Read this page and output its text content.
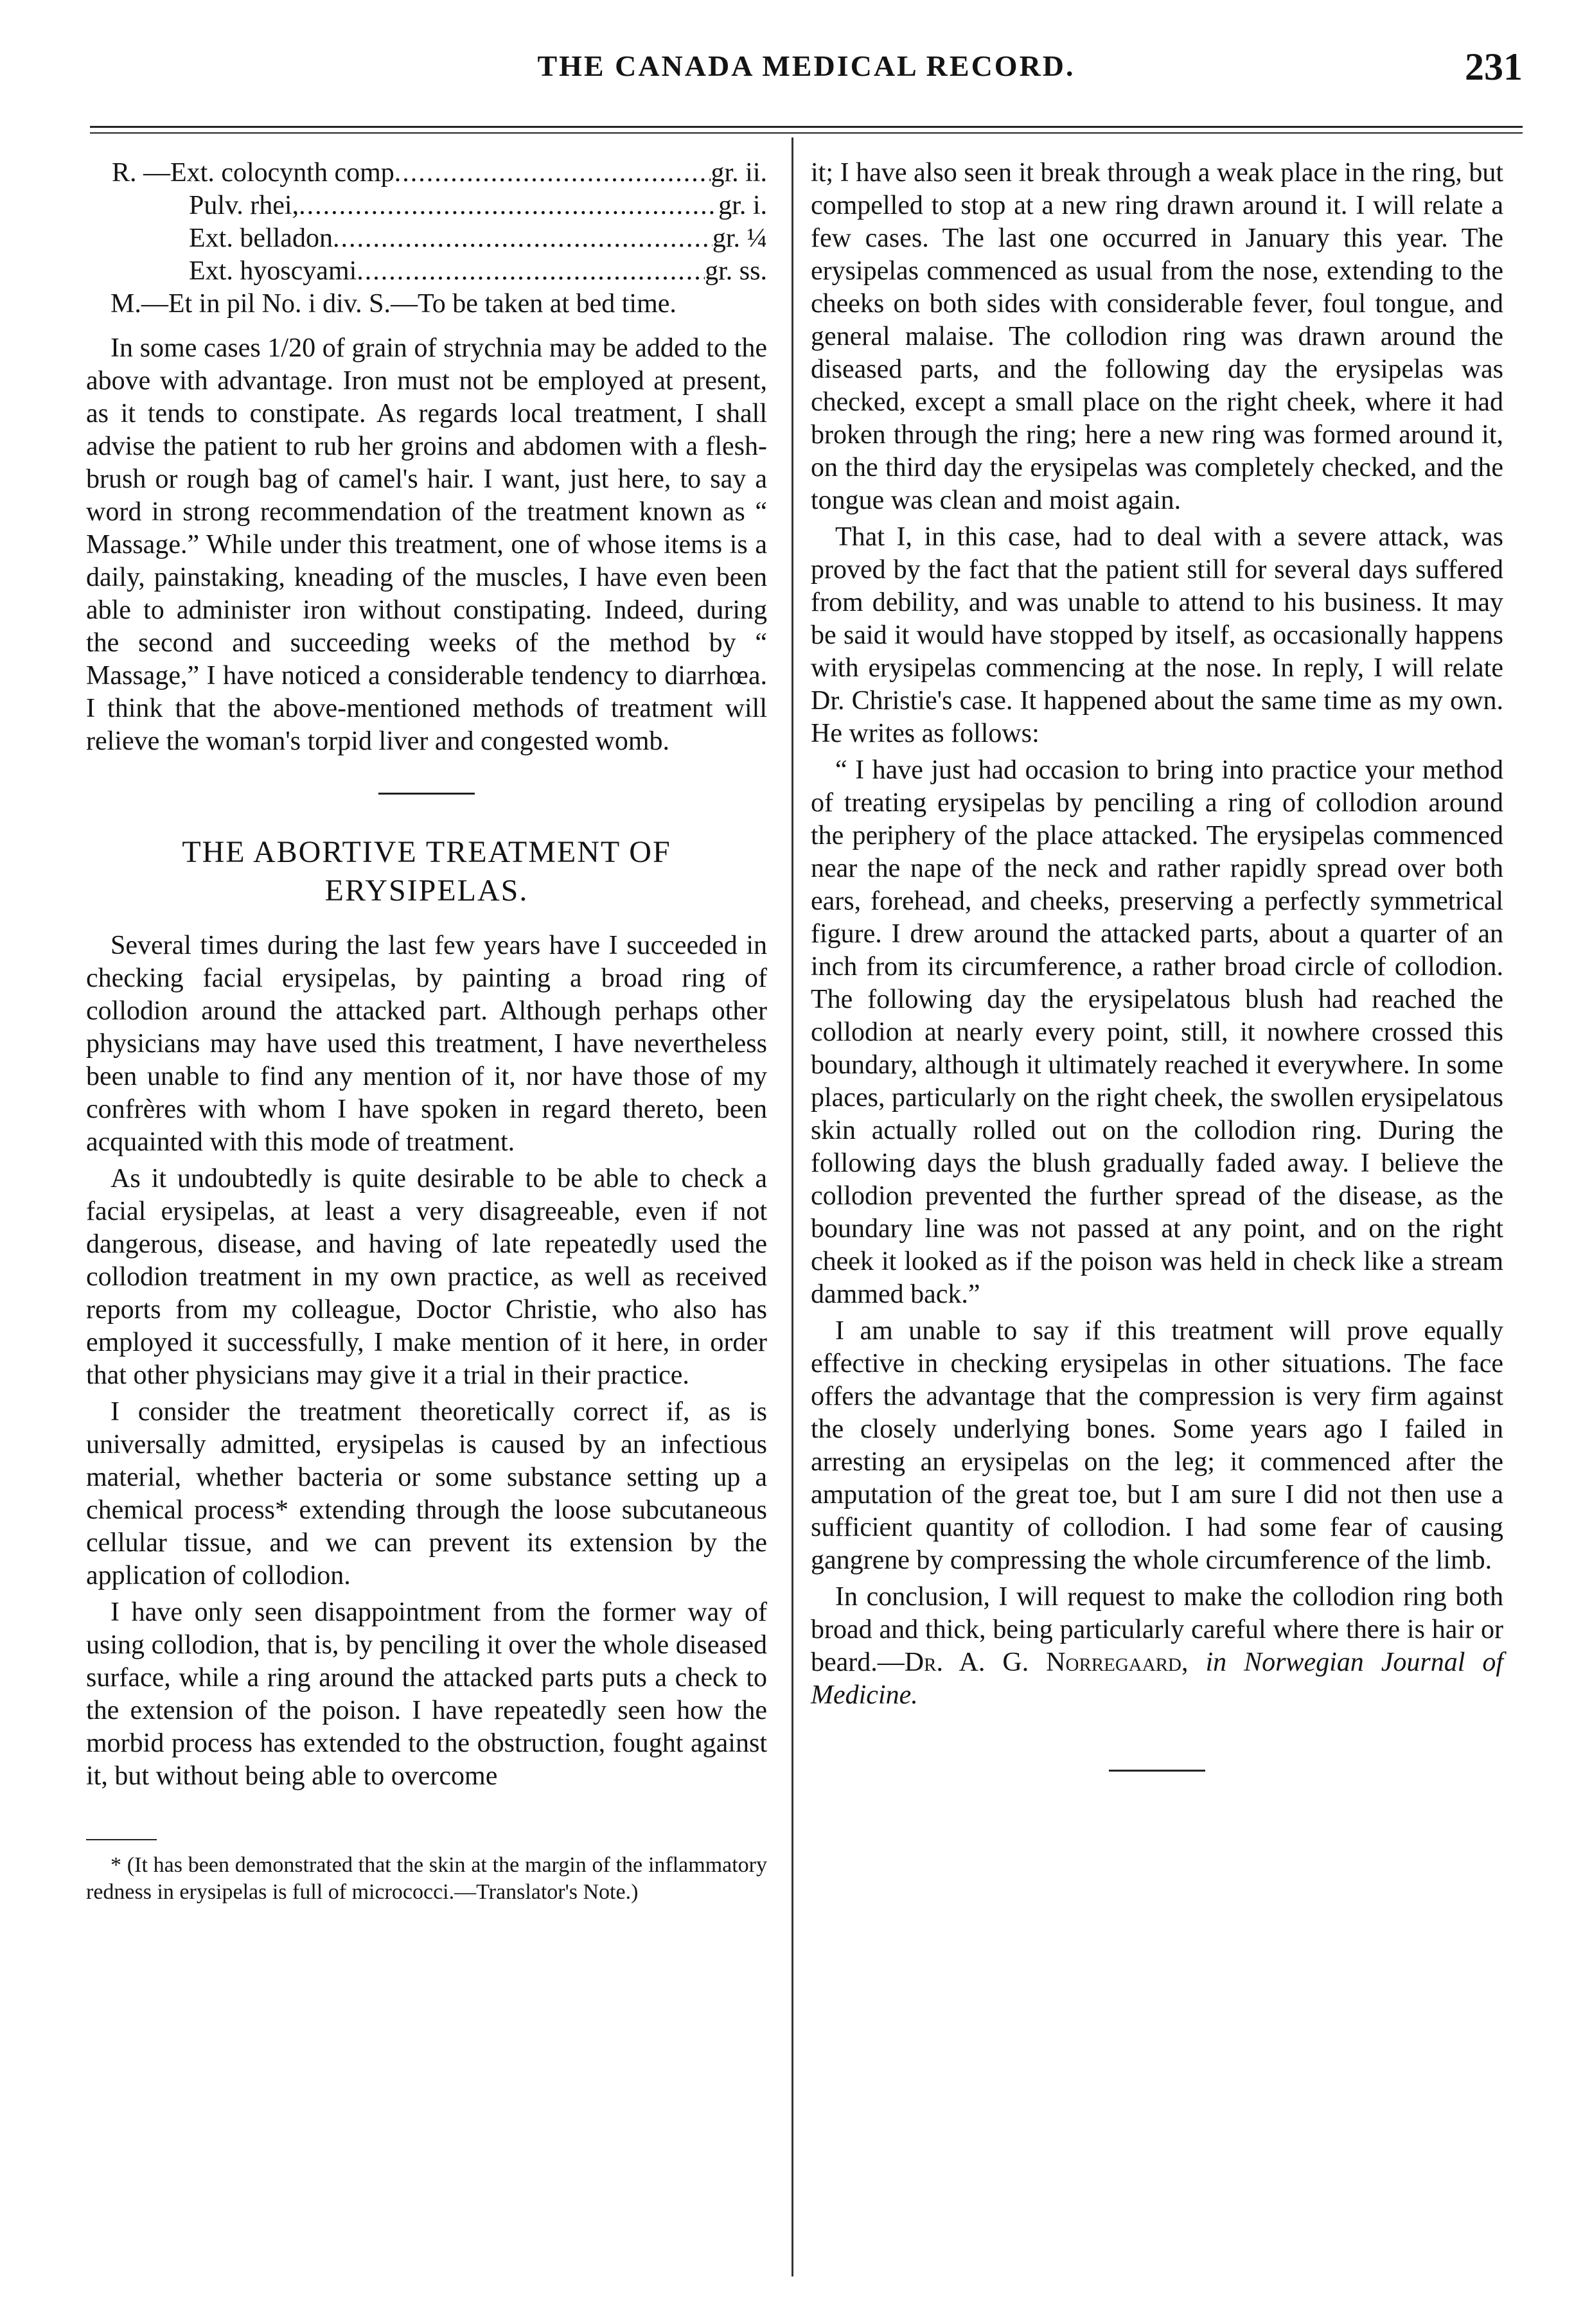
THE CANADA MEDICAL RECORD.	231
R. —Ext. colocynth comp .....	gr. ii.
Pulv. rhei, .....	gr. i.
Ext. belladon .....	gr. ¼
Ext. hyoscyami .....	gr. ss.

M.—Et in pil No. i div. S.—To be taken at bed time.

In some cases 1/20 of grain of strychnia may be added to the above with advantage. Iron must not be employed at present, as it tends to constipate. As regards local treatment, I shall advise the patient to rub her groins and abdomen with a flesh-brush or rough bag of camel's hair. I want, just here, to say a word in strong recommendation of the treatment known as “ Massage.” While under this treatment, one of whose items is a daily, painstaking, kneading of the muscles, I have even been able to administer iron without constipating. Indeed, during the second and succeeding weeks of the method by “ Massage,” I have noticed a considerable tendency to diarrhœa. I think that the above-mentioned methods of treatment will relieve the woman's torpid liver and congested womb.

THE ABORTIVE TREATMENT OF ERYSIPELAS.

Several times during the last few years have I succeeded in checking facial erysipelas, by painting a broad ring of collodion around the attacked part. Although perhaps other physicians may have used this treatment, I have nevertheless been unable to find any mention of it, nor have those of my confrères with whom I have spoken in regard thereto, been acquainted with this mode of treatment.

As it undoubtedly is quite desirable to be able to check a facial erysipelas, at least a very disagreeable, even if not dangerous, disease, and having of late repeatedly used the collodion treatment in my own practice, as well as received reports from my colleague, Doctor Christie, who also has employed it successfully, I make mention of it here, in order that other physicians may give it a trial in their practice.

I consider the treatment theoretically correct if, as is universally admitted, erysipelas is caused by an infectious material, whether bacteria or some substance setting up a chemical process* extending through the loose subcutaneous cellular tissue, and we can prevent its extension by the application of collodion.

I have only seen disappointment from the former way of using collodion, that is, by penciling it over the whole diseased surface, while a ring around the attacked parts puts a check to the extension of the poison. I have repeatedly seen how the morbid process has extended to the obstruction, fought against it, but without being able to overcome

* (It has been demonstrated that the skin at the margin of the inflammatory redness in erysipelas is full of micrococci.—Translator's Note.)

it; I have also seen it break through a weak place in the ring, but compelled to stop at a new ring drawn around it. I will relate a few cases. The last one occurred in January this year. The erysipelas commenced as usual from the nose, extending to the cheeks on both sides with considerable fever, foul tongue, and general malaise. The collodion ring was drawn around the diseased parts, and the following day the erysipelas was checked, except a small place on the right cheek, where it had broken through the ring; here a new ring was formed around it, on the third day the erysipelas was completely checked, and the tongue was clean and moist again.

That I, in this case, had to deal with a severe attack, was proved by the fact that the patient still for several days suffered from debility, and was unable to attend to his business. It may be said it would have stopped by itself, as occasionally happens with erysipelas commencing at the nose. In reply, I will relate Dr. Christie's case. It happened about the same time as my own. He writes as follows:

“ I have just had occasion to bring into practice your method of treating erysipelas by penciling a ring of collodion around the periphery of the place attacked. The erysipelas commenced near the nape of the neck and rather rapidly spread over both ears, forehead, and cheeks, preserving a perfectly symmetrical figure. I drew around the attacked parts, about a quarter of an inch from its circumference, a rather broad circle of collodion. The following day the erysipelatous blush had reached the collodion at nearly every point, still, it nowhere crossed this boundary, although it ultimately reached it everywhere. In some places, particularly on the right cheek, the swollen erysipelatous skin actually rolled out on the collodion ring. During the following days the blush gradually faded away. I believe the collodion prevented the further spread of the disease, as the boundary line was not passed at any point, and on the right cheek it looked as if the poison was held in check like a stream dammed back.”

I am unable to say if this treatment will prove equally effective in checking erysipelas in other situations. The face offers the advantage that the compression is very firm against the closely underlying bones. Some years ago I failed in arresting an erysipelas on the leg; it commenced after the amputation of the great toe, but I am sure I did not then use a sufficient quantity of collodion. I had some fear of causing gangrene by compressing the whole circumference of the limb.

In conclusion, I will request to make the collodion ring both broad and thick, being particularly careful where there is hair or beard.—Dr. A. G. Norregaard, in Norwegian Journal of Medicine.
